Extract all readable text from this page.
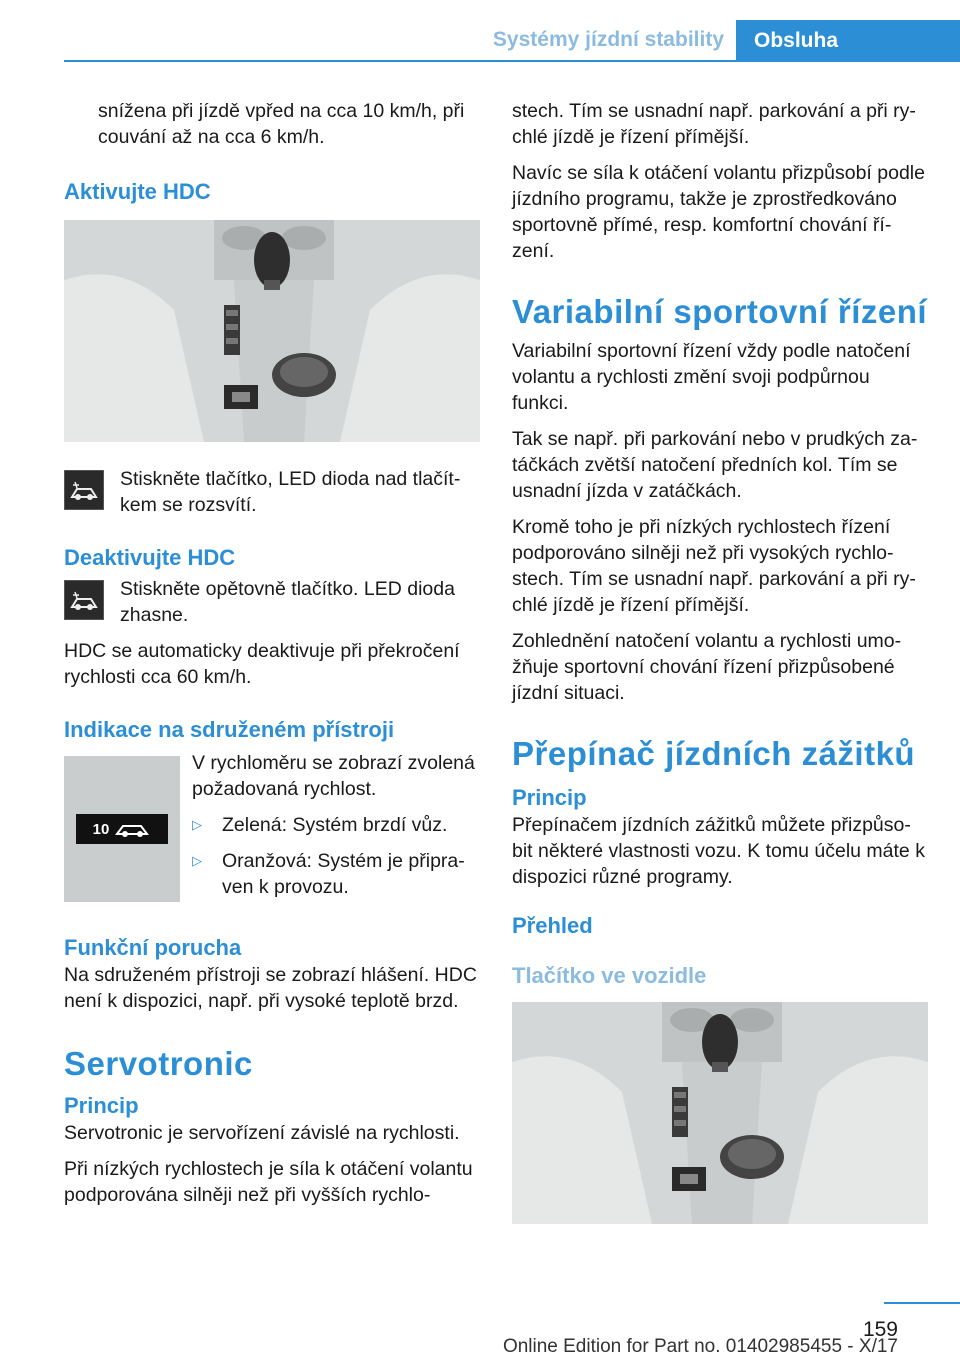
Systémy jízdní stability	Obsluha

snížena při jízdě vpřed na cca 10 km/h, při couvání až na cca 6 km/h.

Aktivujte HDC
Stiskněte tlačítko, LED dioda nad tlačít‐kem se rozsvítí.
Deaktivujte HDC
Stiskněte opětovně tlačítko. LED dioda zhasne.

HDC se automaticky deaktivuje při překročení rychlosti cca 60 km/h.

Indikace na sdruženém přístroji
10

V rychloměru se zobrazí zvolená požadovaná rychlost.

▷	Zelená: Systém brzdí vůz.
▷	Oranžová: Systém je připra‐ven k provozu.
Funkční porucha

Na sdruženém přístroji se zobrazí hlášení. HDC není k dispozici, např. při vysoké teplotě brzd.

Servotronic
Princip

Servotronic je servořízení závislé na rychlosti.

Při nízkých rychlostech je síla k otáčení volantu podporována silněji než při vyšších rychlo‐

stech. Tím se usnadní např. parkování a při ry‐chlé jízdě je řízení přímější.

Navíc se síla k otáčení volantu přizpůsobí podle jízdního programu, takže je zprostředkováno sportovně přímé, resp. komfortní chování ří‐zení.

Variabilní sportovní řízení

Variabilní sportovní řízení vždy podle natočení volantu a rychlosti změní svoji podpůrnou funkci.

Tak se např. při parkování nebo v prudkých za‐táčkách zvětší natočení předních kol. Tím se usnadní jízda v zatáčkách.

Kromě toho je při nízkých rychlostech řízení podporováno silněji než při vysokých rychlo‐stech. Tím se usnadní např. parkování a při ry‐chlé jízdě je řízení přímější.

Zohlednění natočení volantu a rychlosti umo‐žňuje sportovní chování řízení přizpůsobené jízdní situaci.

Přepínač jízdních zážitků
Princip

Přepínačem jízdních zážitků můžete přizpůso‐bit některé vlastnosti vozu. K tomu účelu máte k dispozici různé programy.

Přehled
Tlačítko ve vozidle
159
Online Edition for Part no. 01402985455 - X/17
